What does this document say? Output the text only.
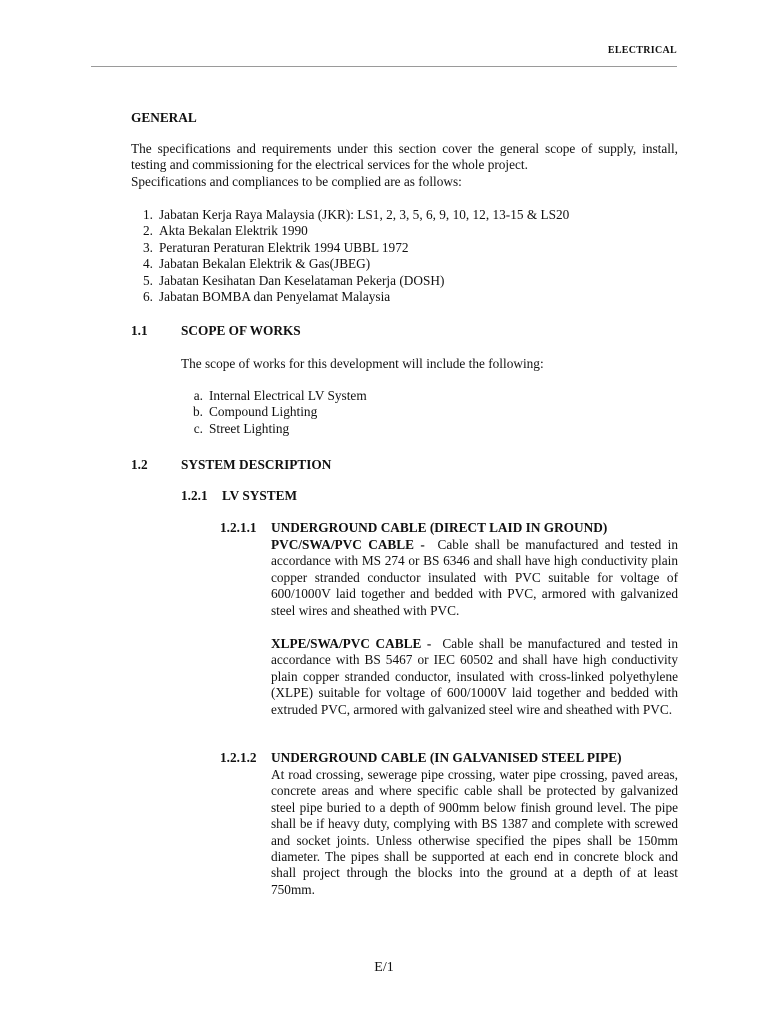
ELECTRICAL
GENERAL
The specifications and requirements under this section cover the general scope of supply, install, testing and commissioning for the electrical services for the whole project.
Specifications and compliances to be complied are as follows:
1. Jabatan Kerja Raya Malaysia (JKR): LS1, 2, 3, 5, 6, 9, 10, 12, 13-15 & LS20
2. Akta Bekalan Elektrik 1990
3. Peraturan Peraturan Elektrik 1994 UBBL 1972
4. Jabatan Bekalan Elektrik & Gas(JBEG)
5. Jabatan Kesihatan Dan Keselataman Pekerja (DOSH)
6. Jabatan BOMBA dan Penyelamat Malaysia
1.1	SCOPE OF WORKS
The scope of works for this development will include the following:
a. Internal Electrical LV System
b. Compound Lighting
c. Street Lighting
1.2	SYSTEM DESCRIPTION
1.2.1 LV SYSTEM
1.2.1.1 UNDERGROUND CABLE (DIRECT LAID IN GROUND)
PVC/SWA/PVC CABLE - Cable shall be manufactured and tested in accordance with MS 274 or BS 6346 and shall have high conductivity plain copper stranded conductor insulated with PVC suitable for voltage of 600/1000V laid together and bedded with PVC, armored with galvanized steel wires and sheathed with PVC.
XLPE/SWA/PVC CABLE - Cable shall be manufactured and tested in accordance with BS 5467 or IEC 60502 and shall have high conductivity plain copper stranded conductor, insulated with cross-linked polyethylene (XLPE) suitable for voltage of 600/1000V laid together and bedded with extruded PVC, armored with galvanized steel wire and sheathed with PVC.
1.2.1.2 UNDERGROUND CABLE (IN GALVANISED STEEL PIPE)
At road crossing, sewerage pipe crossing, water pipe crossing, paved areas, concrete areas and where specific cable shall be protected by galvanized steel pipe buried to a depth of 900mm below finish ground level. The pipe shall be if heavy duty, complying with BS 1387 and complete with screwed and socket joints. Unless otherwise specified the pipes shall be 150mm diameter. The pipes shall be supported at each end in concrete block and shall project through the blocks into the ground at a depth of at least 750mm.
E/1
